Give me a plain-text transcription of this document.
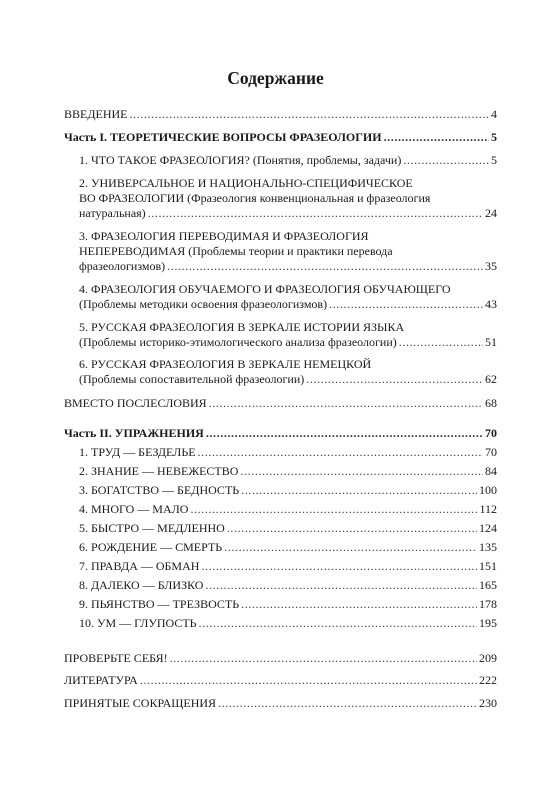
Содержание
ВВЕДЕНИЕ .....	4
Часть I. ТЕОРЕТИЧЕСКИЕ ВОПРОСЫ ФРАЗЕОЛОГИИ .....	5
1. ЧТО ТАКОЕ ФРАЗЕОЛОГИЯ? (Понятия, проблемы, задачи) .....	5
2. УНИВЕРСАЛЬНОЕ И НАЦИОНАЛЬНО-СПЕЦИФИЧЕСКОЕ
ВО ФРАЗЕОЛОГИИ (Фразеология конвенциональная и фразеология
натуральная) .....	24
3. ФРАЗЕОЛОГИЯ ПЕРЕВОДИМАЯ И ФРАЗЕОЛОГИЯ
НЕПЕРЕВОДИМАЯ (Проблемы теории и практики перевода
фразеологизмов) .....	35
4. ФРАЗЕОЛОГИЯ ОБУЧАЕМОГО И ФРАЗЕОЛОГИЯ ОБУЧАЮЩЕГО
(Проблемы методики освоения фразеологизмов) .....	43
5. РУССКАЯ ФРАЗЕОЛОГИЯ В ЗЕРКАЛЕ ИСТОРИИ ЯЗЫКА
(Проблемы историко-этимологического анализа фразеологии) .....	51
6. РУССКАЯ ФРАЗЕОЛОГИЯ В ЗЕРКАЛЕ НЕМЕЦКОЙ
(Проблемы сопоставительной фразеологии) .....	62
ВМЕСТО ПОСЛЕСЛОВИЯ .....	68
Часть II. УПРАЖНЕНИЯ .....	70
1. ТРУД — БЕЗДЕЛЬЕ .....	70
2. ЗНАНИЕ — НЕВЕЖЕСТВО .....	84
3. БОГАТСТВО — БЕДНОСТЬ .....	100
4. МНОГО — МАЛО .....	112
5. БЫСТРО — МЕДЛЕННО .....	124
6. РОЖДЕНИЕ — СМЕРТЬ .....	135
7. ПРАВДА — ОБМАН .....	151
8. ДАЛЕКО — БЛИЗКО .....	165
9. ПЬЯНСТВО — ТРЕЗВОСТЬ .....	178
10. УМ — ГЛУПОСТЬ .....	195
ПРОВЕРЬТЕ СЕБЯ! .....	209
ЛИТЕРАТУРА .....	222
ПРИНЯТЫЕ СОКРАЩЕНИЯ .....	230
